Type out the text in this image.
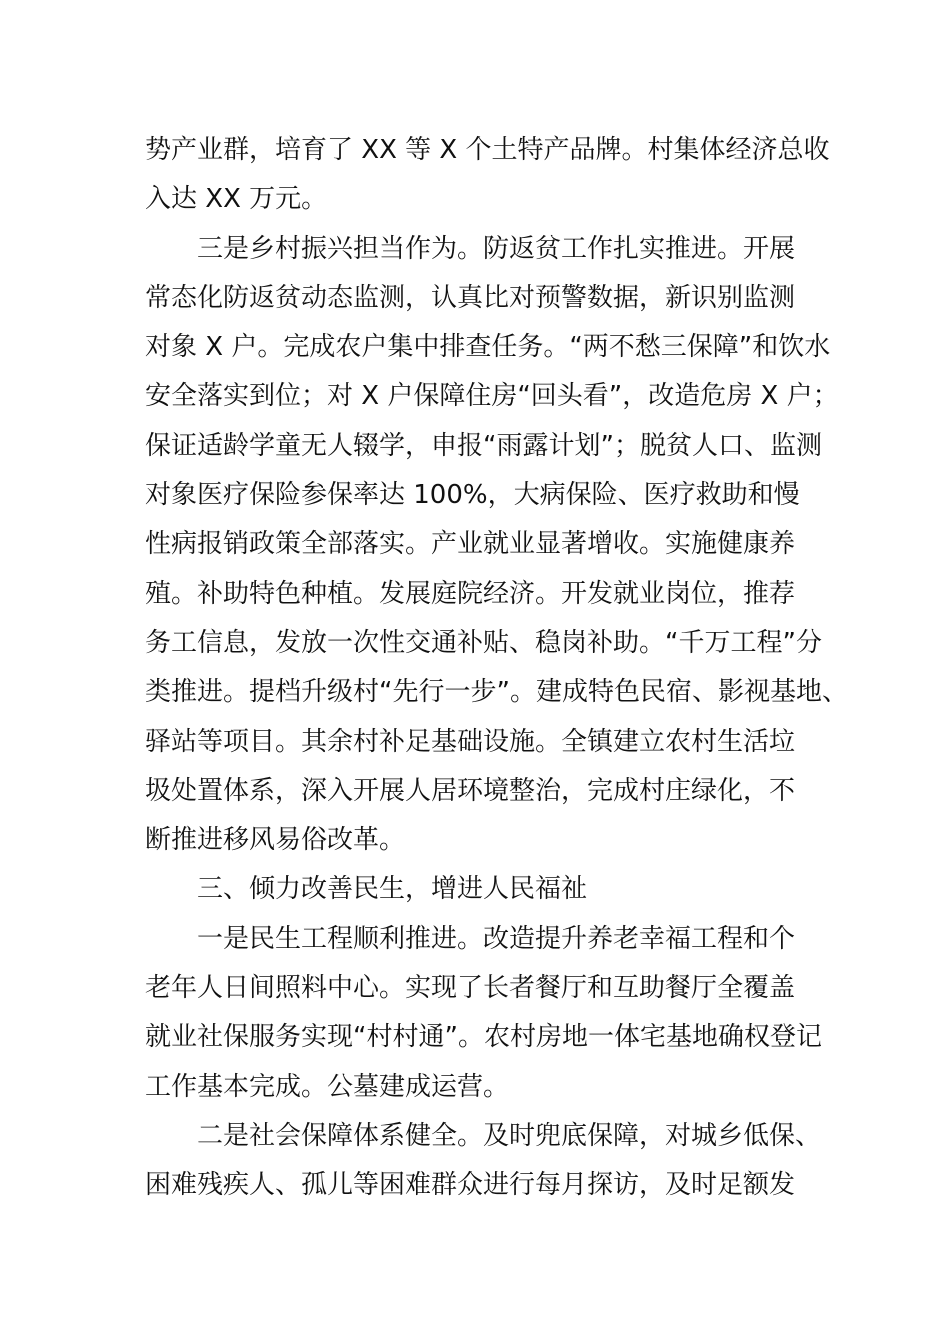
势产业群，培育了 XX 等 X 个土特产品牌。村集体经济总收
入达 XX 万元。
三是乡村振兴担当作为。防返贫工作扎实推进。开展
常态化防返贫动态监测，认真比对预警数据，新识别监测
对象 X 户。完成农户集中排查任务。“两不愁三保障”和饮水
安全落实到位；对 X 户保障住房“回头看”，改造危房 X 户；
保证适龄学童无人辍学，申报“雨露计划”；脱贫人口、监测
对象医疗保险参保率达 100%，大病保险、医疗救助和慢
性病报销政策全部落实。产业就业显著增收。实施健康养
殖。补助特色种植。发展庭院经济。开发就业岗位，推荐
务工信息，发放一次性交通补贴、稳岗补助。“千万工程”分
类推进。提档升级村“先行一步”。建成特色民宿、影视基地、
驿站等项目。其余村补足基础设施。全镇建立农村生活垃
圾处置体系，深入开展人居环境整治，完成村庄绿化，不
断推进移风易俗改革。
三、倾力改善民生，增进人民福祉
一是民生工程顺利推进。改造提升养老幸福工程和个
老年人日间照料中心。实现了长者餐厅和互助餐厅全覆盖
就业社保服务实现“村村通”。农村房地一体宅基地确权登记
工作基本完成。公墓建成运营。
二是社会保障体系健全。及时兜底保障，对城乡低保、
困难残疾人、孤儿等困难群众进行每月探访，及时足额发
